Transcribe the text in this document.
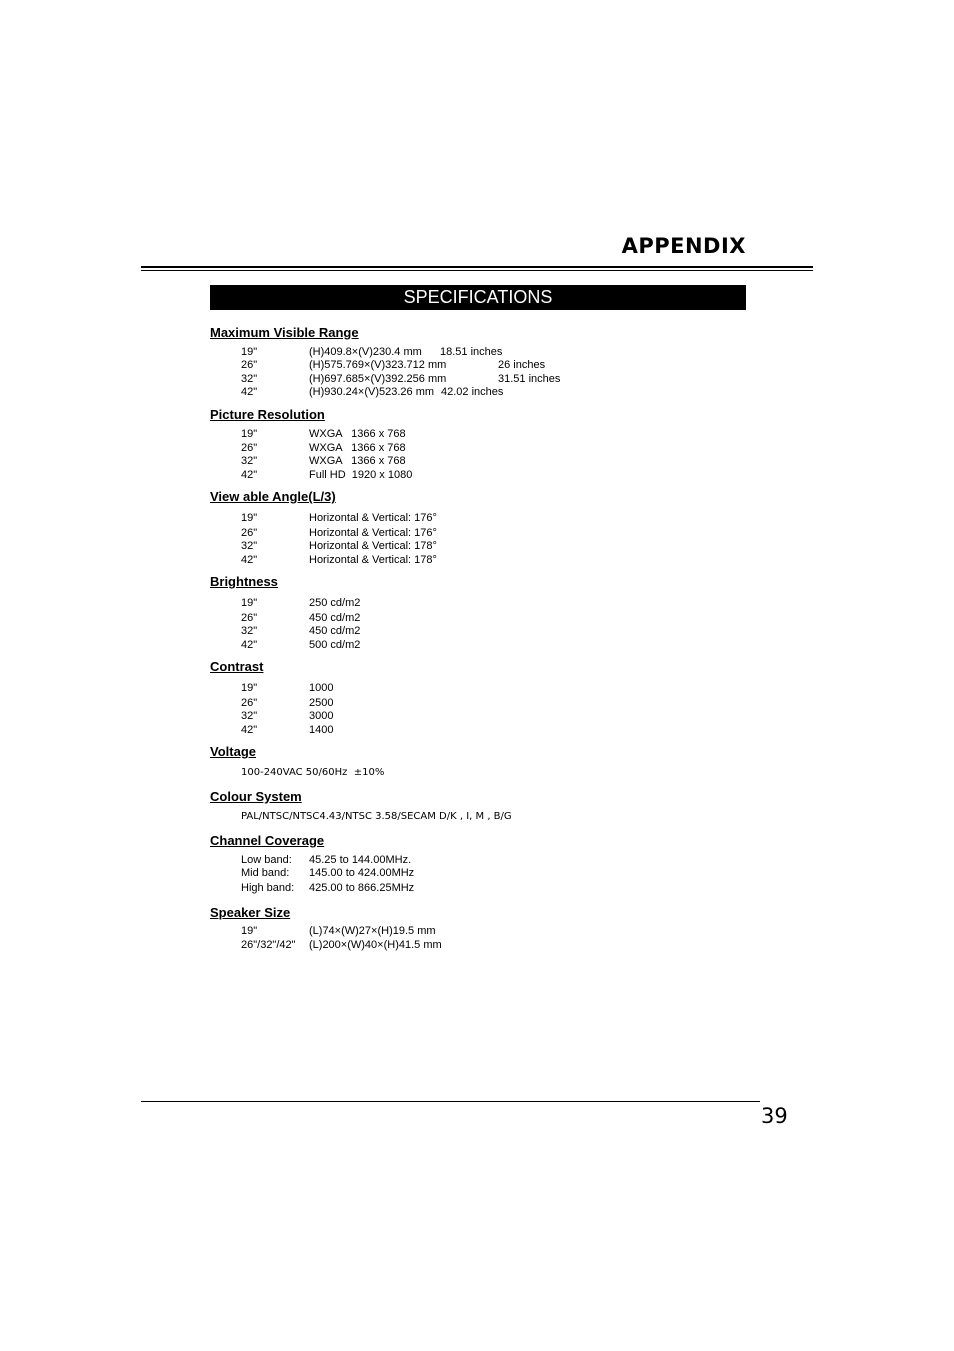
APPENDIX
SPECIFICATIONS
Maximum Visible Range
19"	(H)409.8×(V)230.4 mm 18.51 inches
26"	(H)575.769×(V)323.712 mm	26 inches
32"	(H)697.685×(V)392.256 mm	31.51 inches
42"	(H)930.24×(V)523.26 mm 42.02 inches
Picture Resolution
19"	WXGA   1366 x 768
26"	WXGA   1366 x 768
32"	WXGA   1366 x 768
42"	Full HD  1920 x 1080
View able Angle(L/3)
19"	Horizontal & Vertical: 176°
26"	Horizontal & Vertical: 176°
32"	Horizontal & Vertical: 178°
42"	Horizontal & Vertical: 178°
Brightness
19"	250 cd/m2
26"	450 cd/m2
32"	450 cd/m2
42"	500 cd/m2
Contrast
19"	1000
26"	2500
32"	3000
42"	1400
Voltage
100-240VAC 50/60Hz  ±10%
Colour System
PAL/NTSC/NTSC4.43/NTSC 3.58/SECAM D/K , I, M , B/G
Channel Coverage
Low band: 45.25 to 144.00MHz.
Mid band: 145.00 to 424.00MHz
High band: 425.00 to 866.25MHz
Speaker Size
19"	(L)74×(W)27×(H)19.5 mm
26"/32"/42" (L)200×(W)40×(H)41.5 mm
39
